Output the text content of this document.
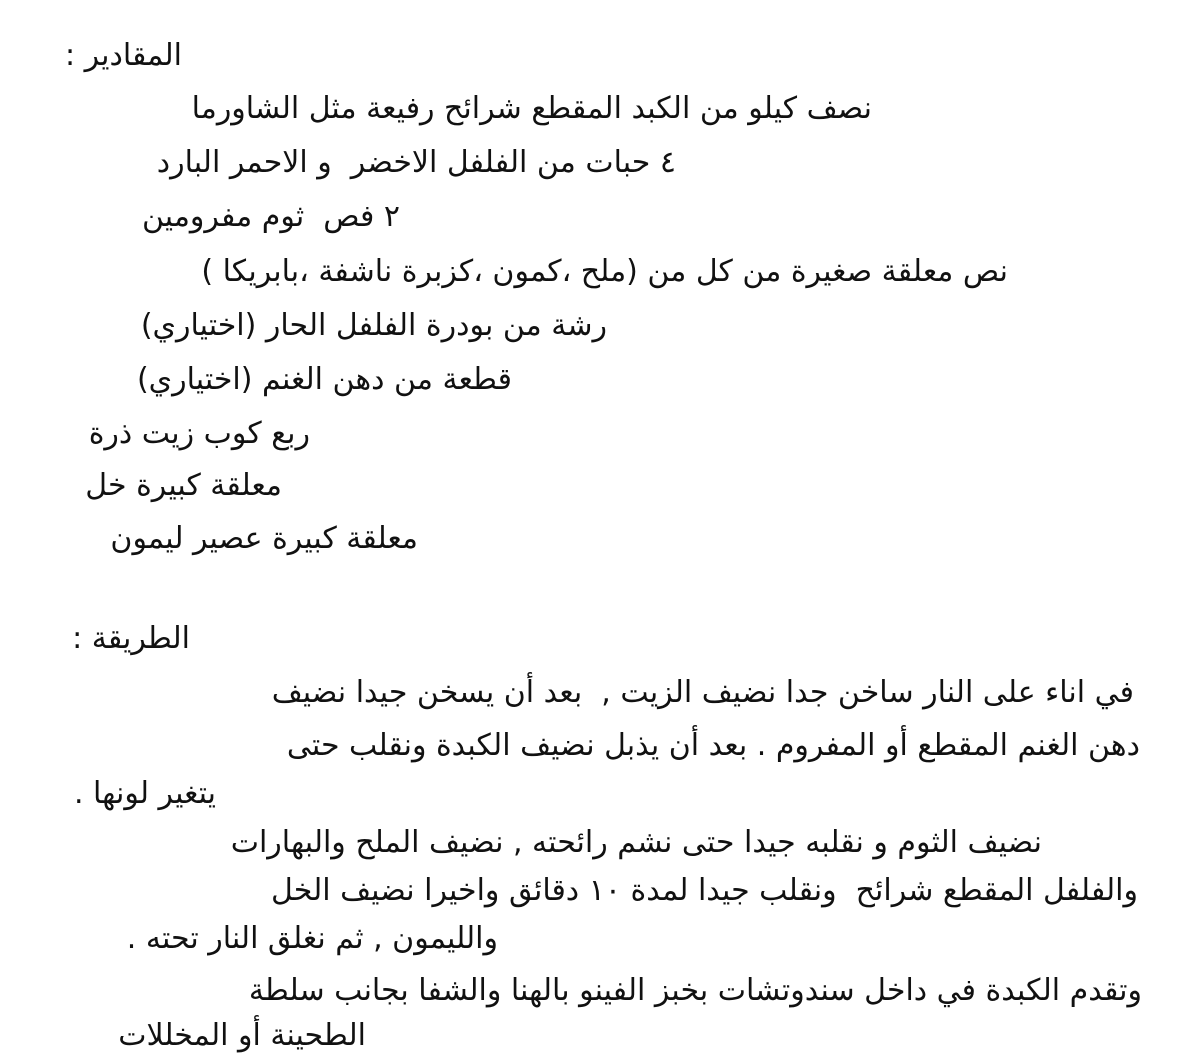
المقادير :

نصف كيلو من الكبد المقطع شرائح رفيعة مثل الشاورما

٤ حبات من الفلفل الاخضر  و الاحمر البارد

٢ فص  ثوم مفرومين

نص معلقة صغيرة من كل من (ملح ،كمون ،كزبرة ناشفة ،بابريكا )

رشة من بودرة الفلفل الحار (اختياري)

قطعة من دهن الغنم (اختياري)

ربع كوب زيت ذرة

معلقة كبيرة خل

معلقة كبيرة عصير ليمون

الطريقة :

في اناء على النار ساخن جدا نضيف الزيت ,  بعد أن يسخن جيدا نضيف

دهن الغنم المقطع أو المفروم . بعد أن يذبل نضيف الكبدة ونقلب حتى

يتغير لونها .

نضيف الثوم و نقلبه جيدا حتى نشم رائحته , نضيف الملح والبهارات

والفلفل المقطع شرائح  ونقلب جيدا لمدة ١٠ دقائق واخيرا نضيف الخل

والليمون , ثم نغلق النار تحته .

وتقدم الكبدة في داخل سندوتشات بخبز الفينو بالهنا والشفا بجانب سلطة

الطحينة أو المخللات
